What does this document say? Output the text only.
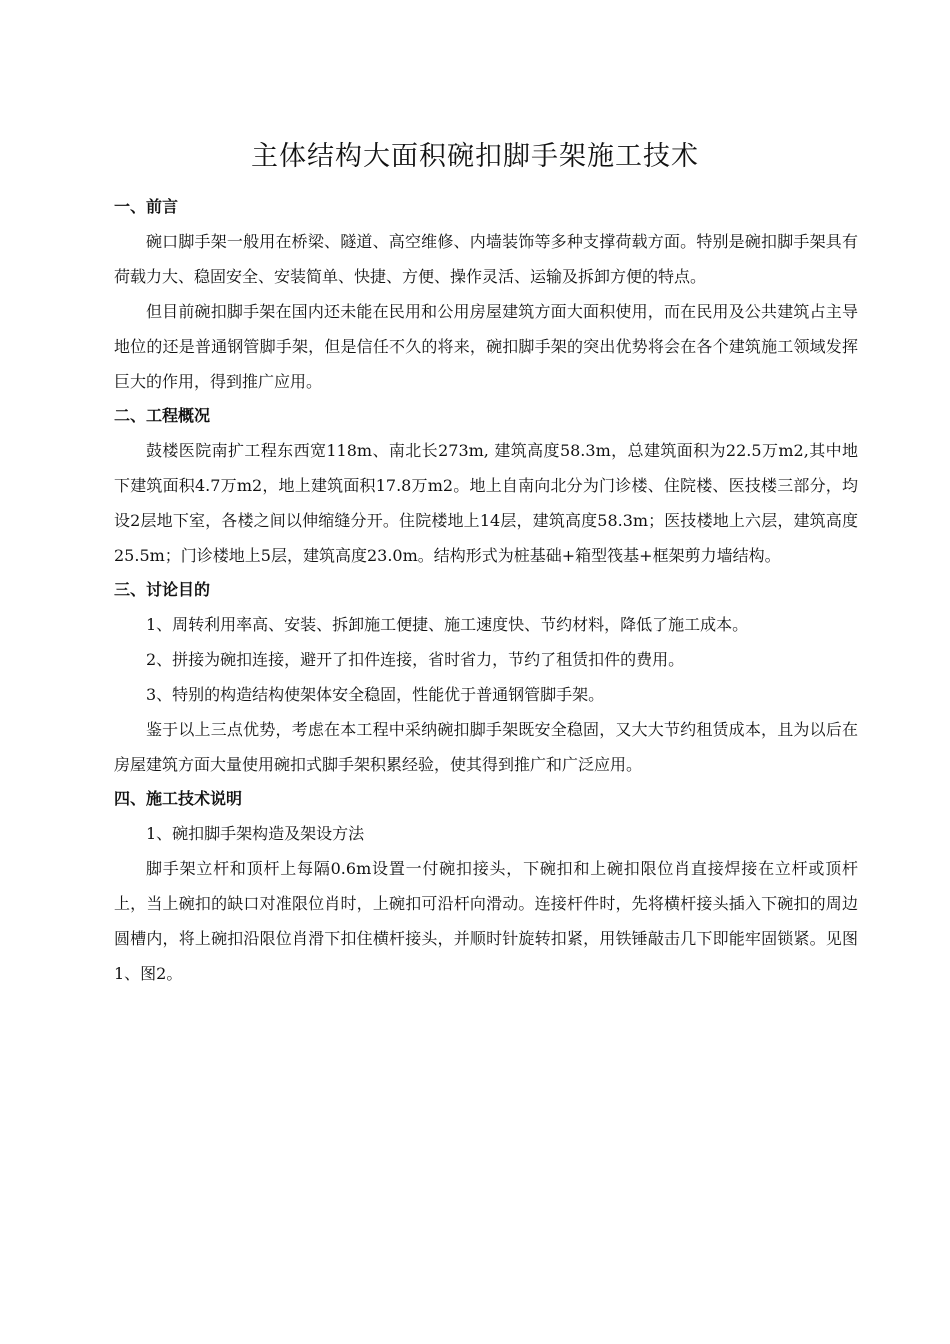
主体结构大面积碗扣脚手架施工技术
一、前言

碗口脚手架一般用在桥梁、隧道、高空维修、内墙装饰等多种支撑荷载方面。特别是碗扣脚手架具有荷载力大、稳固安全、安装简单、快捷、方便、操作灵活、运输及拆卸方便的特点。

但目前碗扣脚手架在国内还未能在民用和公用房屋建筑方面大面积使用，而在民用及公共建筑占主导地位的还是普通钢管脚手架，但是信任不久的将来，碗扣脚手架的突出优势将会在各个建筑施工领域发挥巨大的作用，得到推广应用。

二、工程概况

鼓楼医院南扩工程东西宽118m、南北长273m, 建筑高度58.3m，总建筑面积为22.5万m2,其中地下建筑面积4.7万m2，地上建筑面积17.8万m2。地上自南向北分为门诊楼、住院楼、医技楼三部分，均设2层地下室，各楼之间以伸缩缝分开。住院楼地上14层，建筑高度58.3m；医技楼地上六层，建筑高度25.5m；门诊楼地上5层，建筑高度23.0m。结构形式为桩基础+箱型筏基+框架剪力墙结构。

三、讨论目的

1、周转利用率高、安装、拆卸施工便捷、施工速度快、节约材料，降低了施工成本。

2、拼接为碗扣连接，避开了扣件连接，省时省力，节约了租赁扣件的费用。

3、特别的构造结构使架体安全稳固，性能优于普通钢管脚手架。

鉴于以上三点优势，考虑在本工程中采纳碗扣脚手架既安全稳固，又大大节约租赁成本，且为以后在房屋建筑方面大量使用碗扣式脚手架积累经验，使其得到推广和广泛应用。

四、施工技术说明

1、碗扣脚手架构造及架设方法

脚手架立杆和顶杆上每隔0.6m设置一付碗扣接头，下碗扣和上碗扣限位肖直接焊接在立杆或顶杆上，当上碗扣的缺口对准限位肖时，上碗扣可沿杆向滑动。连接杆件时，先将横杆接头插入下碗扣的周边圆槽内，将上碗扣沿限位肖滑下扣住横杆接头，并顺时针旋转扣紧，用铁锤敲击几下即能牢固锁紧。见图1、图2。
